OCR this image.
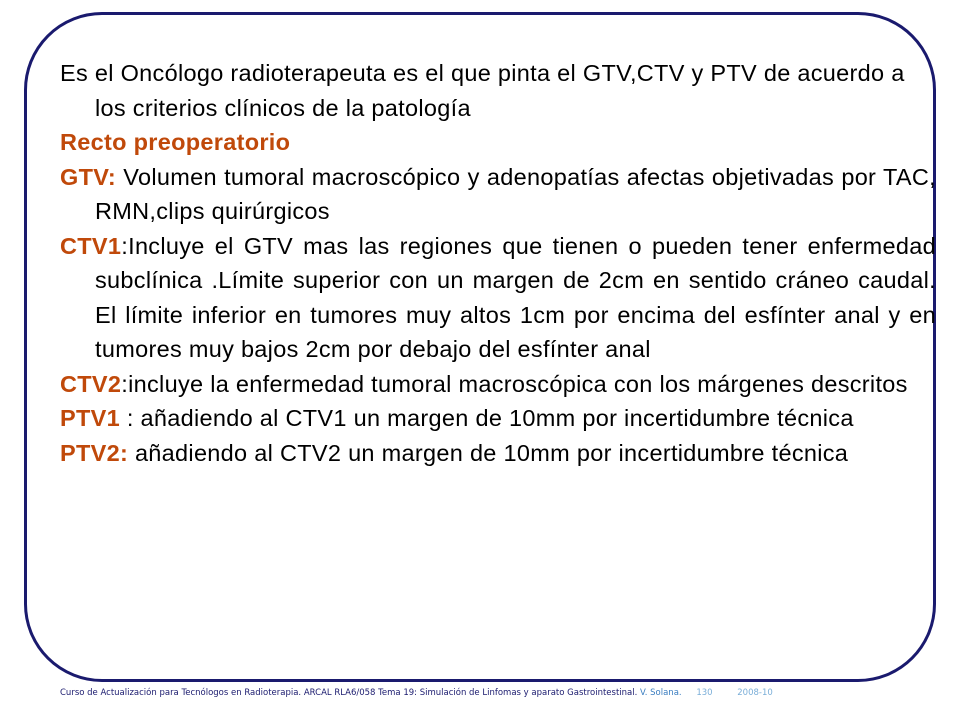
Es el Oncólogo radioterapeuta es el que pinta el GTV,CTV y PTV de acuerdo a los criterios clínicos de la patología

Recto preoperatorio

GTV: Volumen tumoral macroscópico y adenopatías afectas objetivadas por TAC, RMN,clips quirúrgicos

CTV1:Incluye el GTV mas las regiones que tienen o pueden tener enfermedad subclínica .Límite superior con un margen de 2cm en sentido cráneo caudal. El límite inferior en tumores muy altos 1cm por encima del esfínter anal y en tumores muy bajos 2cm por debajo del esfínter anal

CTV2:incluye la enfermedad tumoral macroscópica con los márgenes descritos

PTV1 : añadiendo al CTV1 un margen de 10mm por incertidumbre técnica

PTV2: añadiendo al CTV2 un margen de 10mm por incertidumbre técnica

Curso de Actualización para Tecnólogos en Radioterapia. ARCAL RLA6/058 Tema 19: Simulación de Linfomas y aparato Gastrointestinal. V. Solana. 130	2008-10
